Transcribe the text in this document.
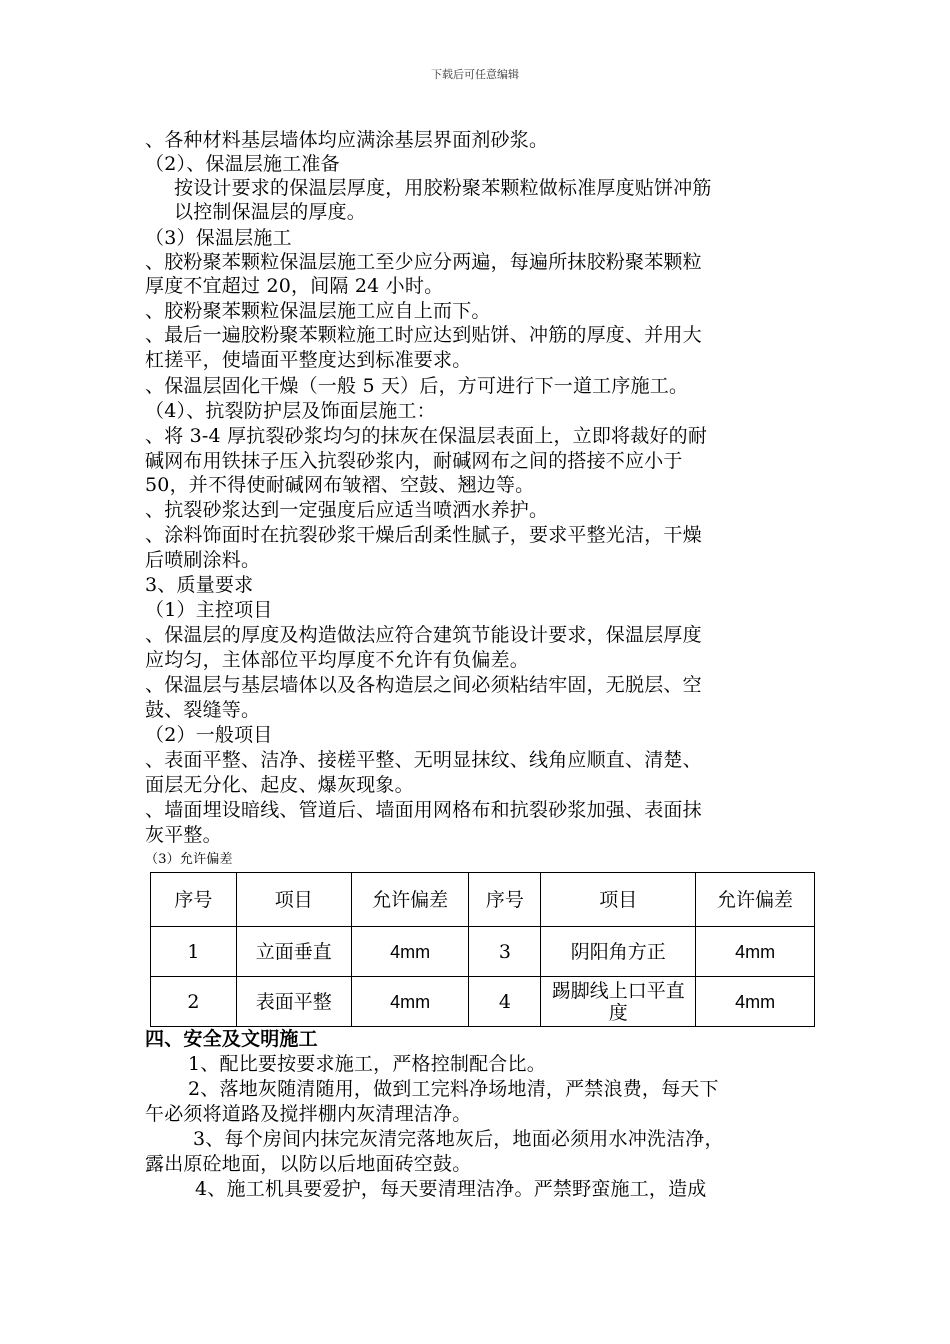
下载后可任意编辑
、各种材料基层墙体均应满涂基层界面剂砂浆。
（2）、保温层施工准备
按设计要求的保温层厚度，用胶粉聚苯颗粒做标准厚度贴饼冲筋
以控制保温层的厚度。
（3）保温层施工
、胶粉聚苯颗粒保温层施工至少应分两遍，每遍所抹胶粉聚苯颗粒
厚度不宜超过 20，间隔 24 小时。
、胶粉聚苯颗粒保温层施工应自上而下。
、最后一遍胶粉聚苯颗粒施工时应达到贴饼、冲筋的厚度、并用大
杠搓平，使墙面平整度达到标准要求。
、保温层固化干燥（一般 5 天）后，方可进行下一道工序施工。
（4）、抗裂防护层及饰面层施工：
、将 3-4 厚抗裂砂浆均匀的抹灰在保温层表面上，立即将裁好的耐
碱网布用铁抹子压入抗裂砂浆内，耐碱网布之间的搭接不应小于
50，并不得使耐碱网布皱褶、空鼓、翘边等。
、抗裂砂浆达到一定强度后应适当喷洒水养护。
、涂料饰面时在抗裂砂浆干燥后刮柔性腻子，要求平整光洁，干燥
后喷刷涂料。
3、质量要求
（1）主控项目
、保温层的厚度及构造做法应符合建筑节能设计要求，保温层厚度
应均匀，主体部位平均厚度不允许有负偏差。
、保温层与基层墙体以及各构造层之间必须粘结牢固，无脱层、空
鼓、裂缝等。
（2）一般项目
、表面平整、洁净、接槎平整、无明显抹纹、线角应顺直、清楚、
面层无分化、起皮、爆灰现象。
、墙面埋设暗线、管道后、墙面用网格布和抗裂砂浆加强、表面抹
灰平整。
（3）允许偏差
序号	项目	允许偏差	序号	项目	允许偏差
1	立面垂直	4mm	3	阴阳角方正	4mm
2	表面平整	4mm	4	踢脚线上口平直度	4mm
四、安全及文明施工
1、配比要按要求施工，严格控制配合比。
2、落地灰随清随用，做到工完料净场地清，严禁浪费，每天下
午必须将道路及搅拌棚内灰清理洁净。
3、每个房间内抹完灰清完落地灰后，地面必须用水冲洗洁净，
露出原砼地面，以防以后地面砖空鼓。
4、施工机具要爱护，每天要清理洁净。严禁野蛮施工，造成
